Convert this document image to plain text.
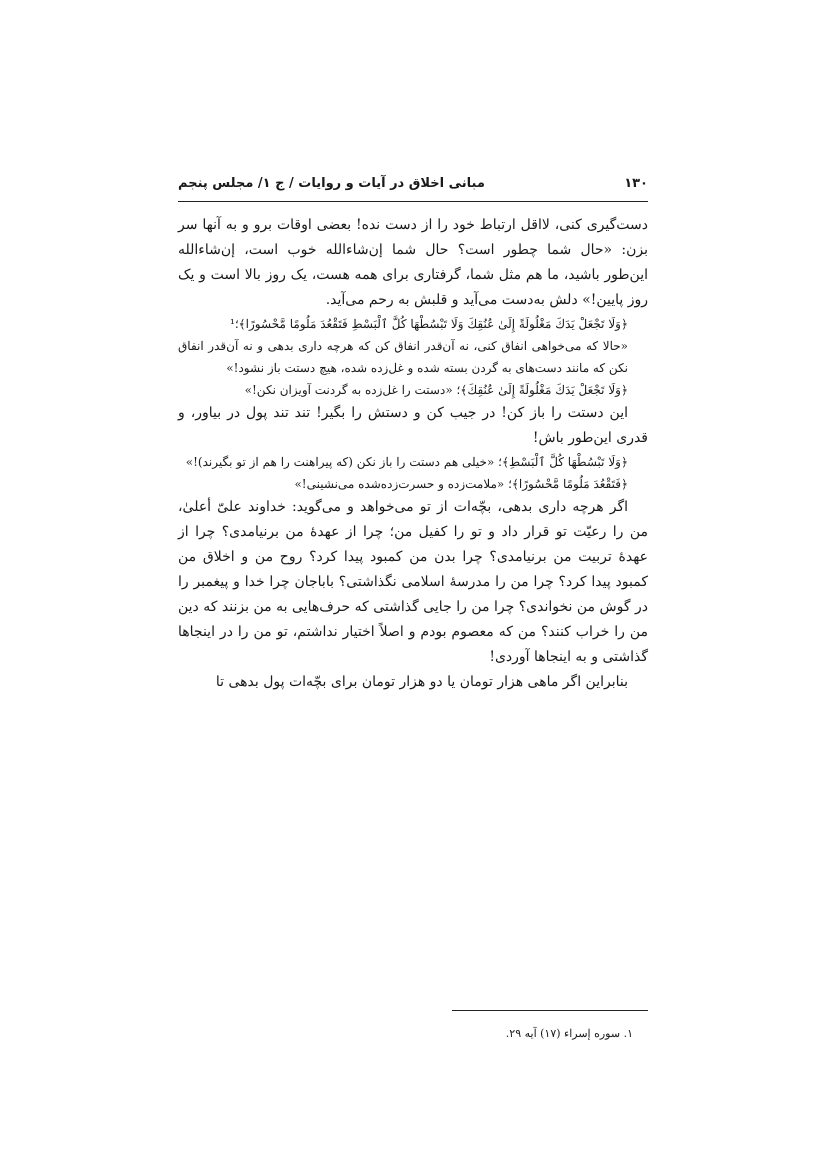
۱۳۰
مبانی اخلاق در آیات و روایات / ج ۱/ مجلس پنجم

دست‌گیری کنی، لااقل ارتباط خود را از دست نده! بعضی اوقات برو و به آنها سر بزن: «حال شما چطور است؟ حال شما إن‌شاءالله خوب است، إن‌شاءالله این‌طور باشید، ما هم مثل شما، گرفتاری برای همه هست، یک روز بالا است و یک روز پایین!» دلش به‌دست می‌آید و قلبش به رحم می‌آید.

﴿وَلَا تَجْعَلْ يَدَكَ مَغْلُولَةً إِلَىٰ عُنُقِكَ وَلَا تَبْسُطْهَا كُلَّ ٱلْبَسْطِ فَتَقْعُدَ مَلُومًا مَّحْسُورًا﴾؛¹

«حالا که می‌خواهی انفاق کنی، نه آن‌قدر انفاق کن که هرچه داری بدهی و نه آن‌قدر انفاق نکن که مانند دست‌های به گردن بسته شده و غل‌زده شده، هیچ دستت باز نشود!»

﴿وَلَا تَجْعَلْ يَدَكَ مَغْلُولَةً إِلَىٰ عُنُقِكَ﴾؛ «دستت را غل‌زده به گردنت آویزان نکن!»

این دستت را باز کن! در جیب کن و دستش را بگیر! تند تند پول در بیاور، و قدری این‌طور باش!

﴿وَلَا تَبْسُطْهَا كُلَّ ٱلْبَسْطِ﴾؛ «خیلی هم دستت را باز نکن (که پیراهنت را هم از تو بگیرند)!»

﴿فَتَقْعُدَ مَلُومًا مَّحْسُورًا﴾؛ «ملامت‌زده و حسرت‌زده‌شده می‌نشینی!»

اگر هرچه داری بدهی، بچّه‌ات از تو می‌خواهد و می‌گوید: خداوند علیّ أعلیٰ، من را رعیّت تو قرار داد و تو را کفیل من؛ چرا از عهدهٔ من برنیامدی؟ چرا از عهدهٔ تربیت من برنیامدی؟ چرا بدن من کمبود پیدا کرد؟ روح من و اخلاق من کمبود پیدا کرد؟ چرا من را مدرسهٔ اسلامی نگذاشتی؟ باباجان چرا خدا و پیغمبر را در گوش من نخواندی؟ چرا من را جایی گذاشتی که حرف‌هایی به من بزنند که دین من را خراب کنند؟ من که معصوم بودم و اصلاً اختیار نداشتم، تو من را در اینجاها گذاشتی و به اینجاها آوردی!

بنابراین اگر ماهی هزار تومان یا دو هزار تومان برای بچّه‌ات پول بدهی تا

۱. سوره إسراء (۱۷) آیه ۲۹.
